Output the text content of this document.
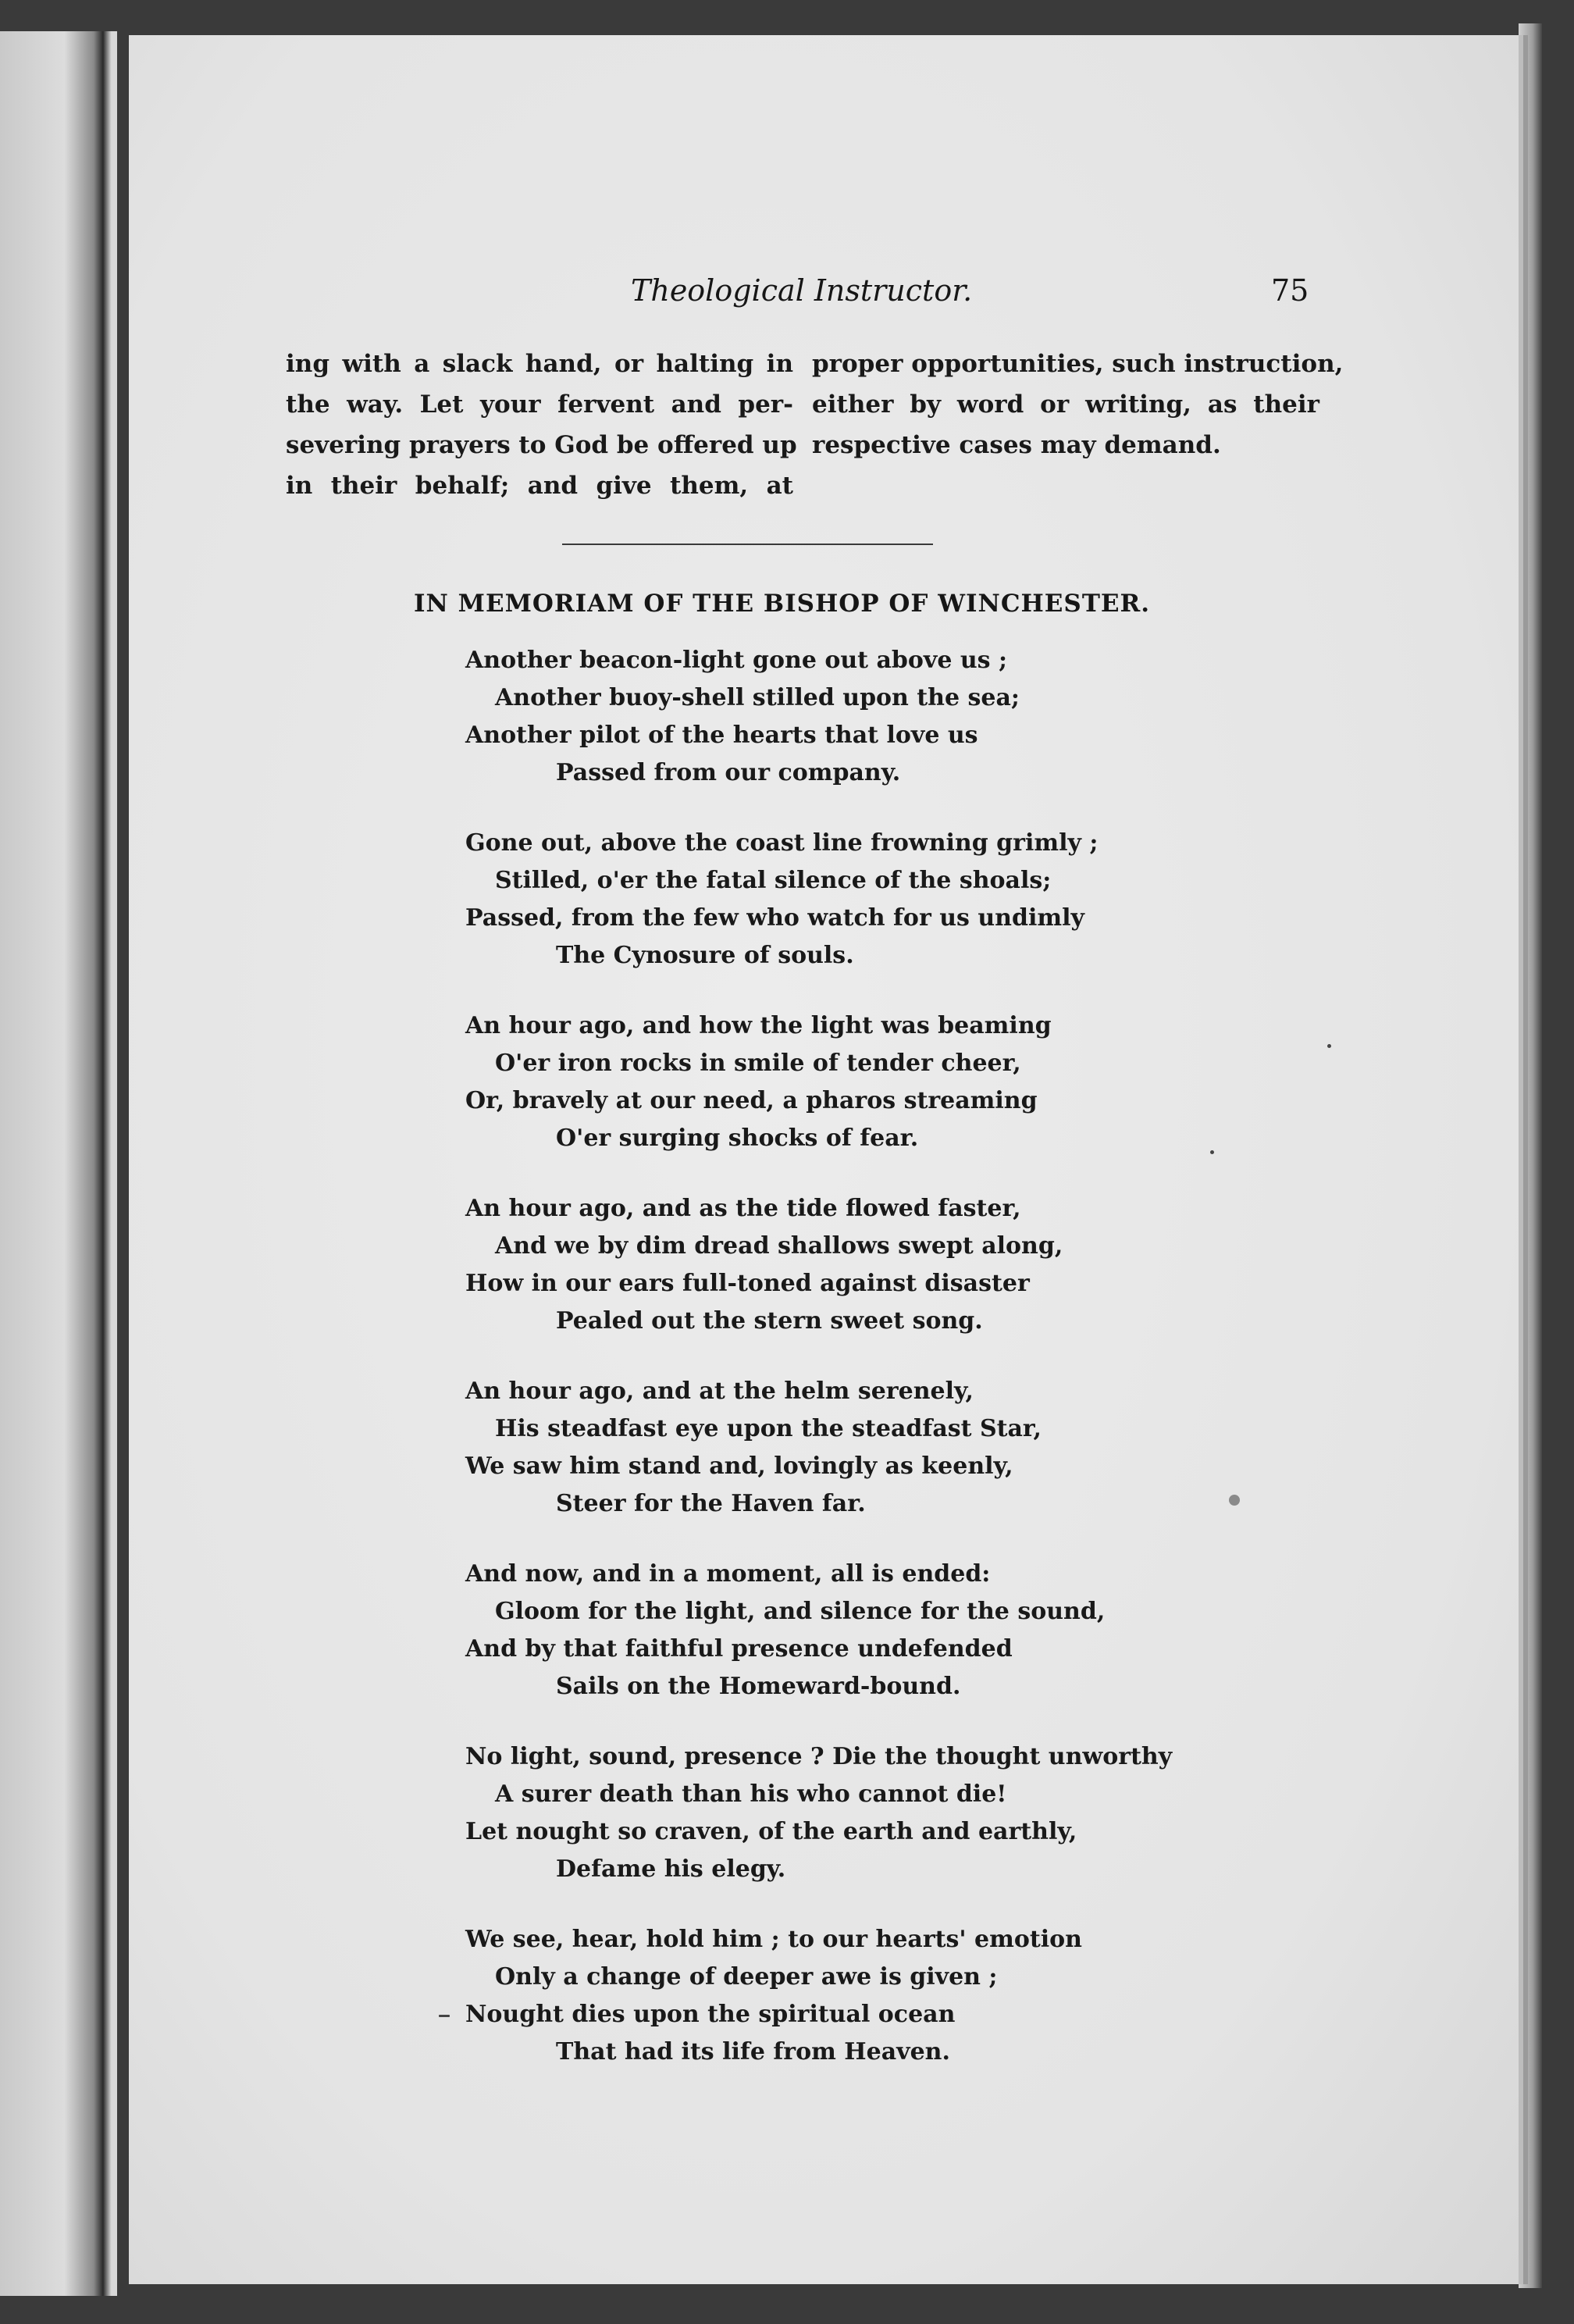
Theological Instructor.	75
ing with a slack hand, or halting in
the way. Let your fervent and per-
severing prayers to God be offered up
in their behalf; and give them, at
proper opportunities, such instruction,
either by word or writing, as their
respective cases may demand.
IN MEMORIAM OF THE BISHOP OF WINCHESTER.
Another beacon-light gone out above us ;
Another buoy-shell stilled upon the sea;
Another pilot of the hearts that love us
Passed from our company.
Gone out, above the coast line frowning grimly ;
Stilled, o'er the fatal silence of the shoals;
Passed, from the few who watch for us undimly
The Cynosure of souls.
An hour ago, and how the light was beaming
O'er iron rocks in smile of tender cheer,
Or, bravely at our need, a pharos streaming
O'er surging shocks of fear.
An hour ago, and as the tide flowed faster,
And we by dim dread shallows swept along,
How in our ears full-toned against disaster
Pealed out the stern sweet song.
An hour ago, and at the helm serenely,
His steadfast eye upon the steadfast Star,
We saw him stand and, lovingly as keenly,
Steer for the Haven far.
And now, and in a moment, all is ended:
Gloom for the light, and silence for the sound,
And by that faithful presence undefended
Sails on the Homeward-bound.
No light, sound, presence ? Die the thought unworthy
A surer death than his who cannot die!
Let nought so craven, of the earth and earthly,
Defame his elegy.
We see, hear, hold him ; to our hearts' emotion
Only a change of deeper awe is given ;
Nought dies upon the spiritual ocean
That had its life from Heaven.
